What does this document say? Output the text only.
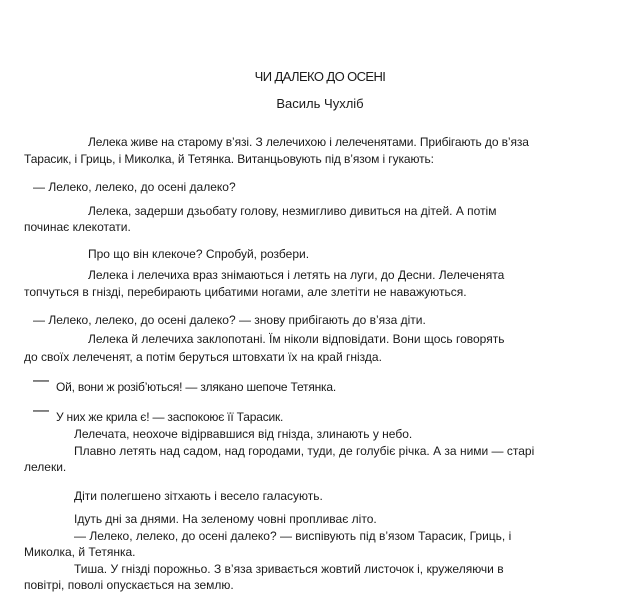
ЧИ ДАЛЕКО ДО ОСЕНІ
Василь Чухліб
Лелека живе на старому в’язі. З лелечихою і лелеченятами. Прибігають до в’яза
Тарасик, і Гриць, і Миколка, й Тетянка. Витанцьовують під в’язом і гукають:
— Лелеко, лелеко, до осені далеко?
Лелека, задерши дзьобату голову, незмигливо дивиться на дітей. А потім
починає клекотати.
Про що він клекоче? Спробуй, розбери.
Лелека і лелечиха враз знімаються і летять на луги, до Десни. Лелеченята
топчуться в гнізді, перебирають цибатими ногами, але злетіти не наважуються.
— Лелеко, лелеко, до осені далеко? — знову прибігають до в’яза діти.
Лелека й лелечиха заклопотані. Їм ніколи відповідати. Вони щось говорять
до своїх лелеченят, а потім беруться штовхати їх на край гнізда.
— Ой, вони ж розіб’ються! — злякано шепоче Тетянка.
— У них же крила є! — заспокоює її Тарасик.
Лелечата, неохоче відірвавшися від гнізда, злинають у небо.
Плавно летять над садом, над городами, туди, де голубіє річка. А за ними — старі
лелеки.
Діти полегшено зітхають і весело галасують.
Ідуть дні за днями. На зеленому човні пропливає літо.
— Лелеко, лелеко, до осені далеко? — виспівують під в’язом Тарасик, Гриць, і
Миколка, й Тетянка.
Тиша. У гнізді порожньо. З в’яза зривається жовтий листочок і, кружеляючи в
повітрі, поволі опускається на землю.
